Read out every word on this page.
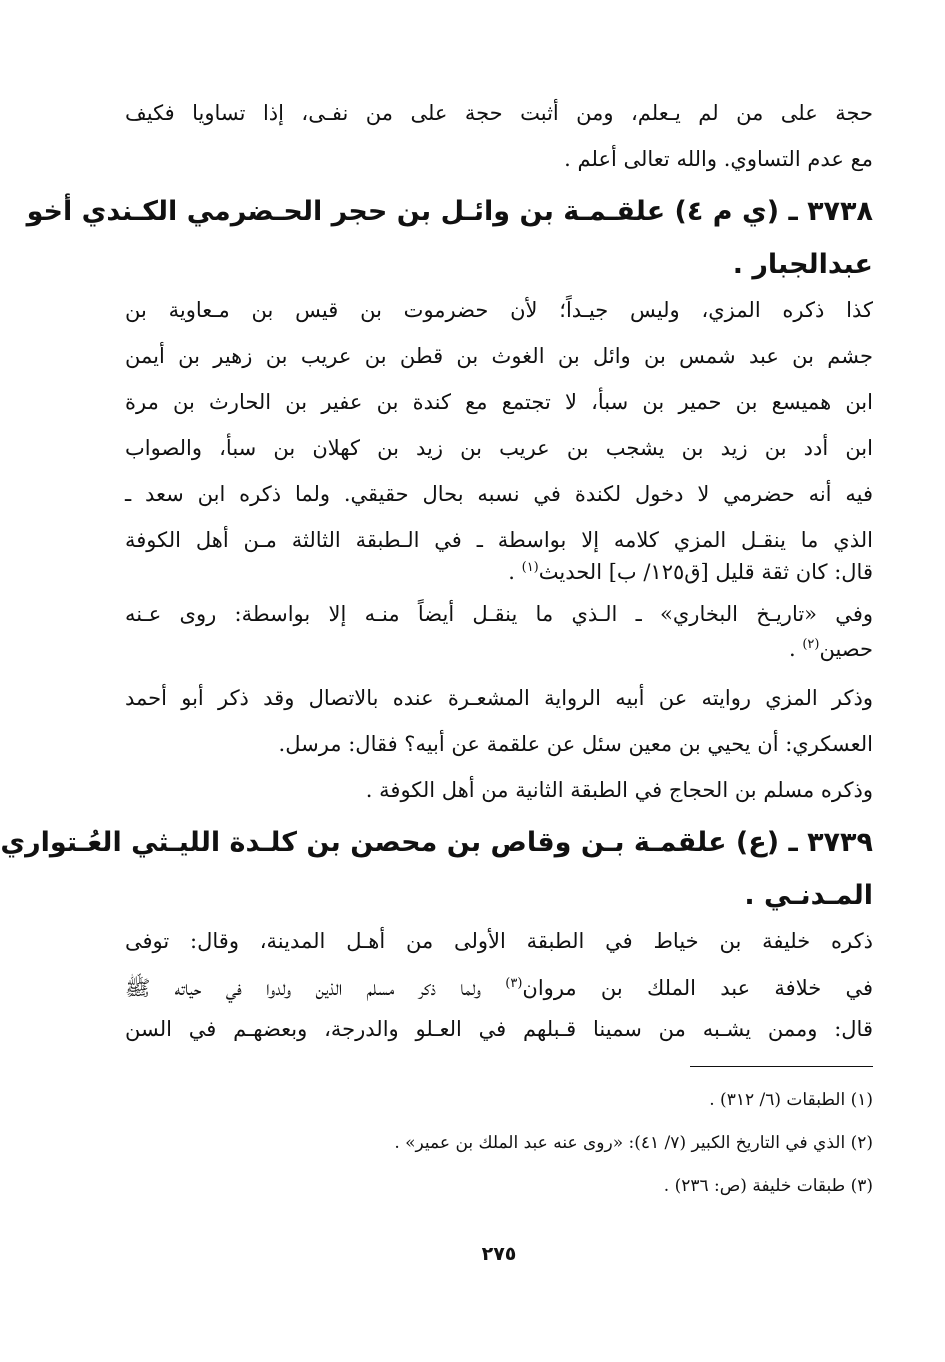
حجة على من لم يـعلم، ومن أثبت حجة على من نفـى، إذا تساويا فكيف
مع عدم التساوي. والله تعالى أعلم .
٣٧٣٨ ـ (ي م ٤) علقـمـة بن وائـل بن حجر الحـضرمي الكـندي أخو
عبدالجبار .
كذا ذكره المزي، وليس جيـداً؛ لأن حضرموت بن قيس بن مـعاوية بن
جشم بن عبد شمس بن وائل بن الغوث بن قطن بن عريب بن زهير بن أيمن
ابن هميسع بن حمير بن سبأ، لا تجتمع مع كندة بن عفير بن الحارث بن مرة
ابن أدد بن زيد بن يشجب بن عريب بن زيد بن كهلان بن سبأ، والصواب
فيه أنه حضرمي لا دخول لكندة في نسبه بحال حقيقي. ولما ذكره ابن سعد ـ
الذي ما ينقـل المزي كلامه إلا بواسطة ـ في الـطبقة الثالثة مـن أهل الكوفة
قال: كان ثقة قليل [ق١٢٥/ ب] الحديث$^{(١)}$ .
وفي «تاريـخ البخاري» ـ الـذي ما ينقـل أيضاً منـه إلا بواسطة: روى عـنه
حصين$^{(٢)}$ .
وذكر المزي روايته عن أبيه الرواية المشعـرة عنده بالاتصال وقد ذكر أبو أحمد
العسكري: أن يحيي بن معين سئل عن علقمة عن أبيه؟ فقال: مرسل.
وذكره مسلم بن الحجاج في الطبقة الثانية من أهل الكوفة .
٣٧٣٩ ـ (ع) علقمـة بـن وقاص بن محصن بن كلـدة الليـثي العُـتواري
المـدنـي .
ذكره خليفة بن خياط في الطبقة الأولى من أهـل المدينة، وقال: توفى
في خلافة عبد الملك بن مروان$^{(٣)}$ ولما ذكر مسلم الذين ولدوا في حياته ﷺ
قال: وممن يشـبه من سمينا قـبلهم في العـلو والدرجة، وبعضهـم في السن
(١) الطبقات (٦/ ٣١٢) .
(٢) الذي في التاريخ الكبير (٧/ ٤١): «روى عنه عبد الملك بن عمير» .
(٣) طبقات خليفة (ص: ٢٣٦) .
٢٧٥
